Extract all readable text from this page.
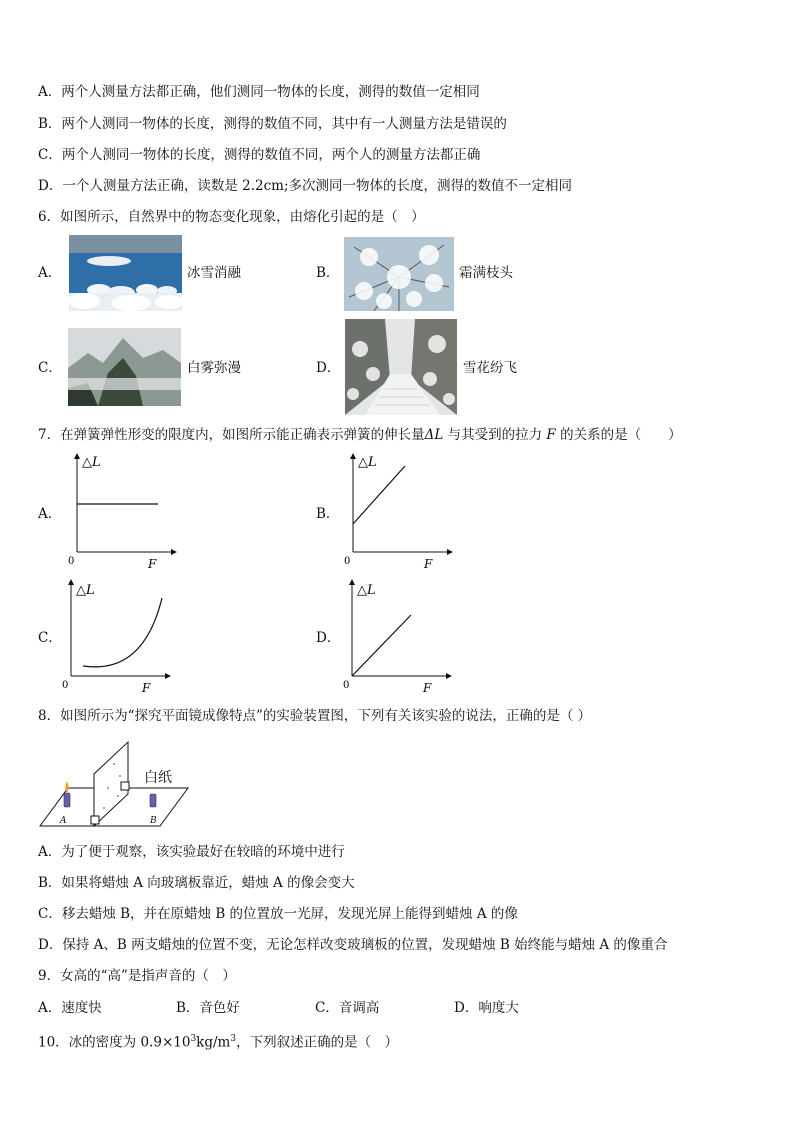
A．两个人测量方法都正确，他们测同一物体的长度，测得的数值一定相同
B．两个人测同一物体的长度，测得的数值不同，其中有一人测量方法是错误的
C．两个人测同一物体的长度，测得的数值不同，两个人的测量方法都正确
D．一个人测量方法正确，读数是 2.2cm;多次测同一物体的长度，测得的数值不一定相同
6．如图所示，自然界中的物态变化现象，由熔化引起的是（　）
A．	冰雪消融	B．	霜满枝头
C．	白雾弥漫	D．	雪花纷飞
7．在弹簧弹性形变的限度内，如图所示能正确表示弹簧的伸长量ΔL 与其受到的拉力 F 的关系的是（　　）
A．
△L
F
0
B．
△L
F
0
C．
△L
F
0
D．
△L
F
0
8．如图所示为“探究平面镜成像特点”的实验装置图，下列有关该实验的说法，正确的是（ ）
白纸
A	B
A．为了便于观察，该实验最好在较暗的环境中进行
B．如果将蜡烛 A 向玻璃板靠近，蜡烛 A 的像会变大
C．移去蜡烛 B，并在原蜡烛 B 的位置放一光屏，发现光屏上能得到蜡烛 A 的像
D．保持 A、B 两支蜡烛的位置不变，无论怎样改变玻璃板的位置，发现蜡烛 B 始终能与蜡烛 A 的像重合
9．女高的“高”是指声音的（　）
A．速度快	B．音色好	C．音调高	D．响度大
10．冰的密度为 $0.9\times 10^3kg/m^3$，下列叙述正确的是（　）
